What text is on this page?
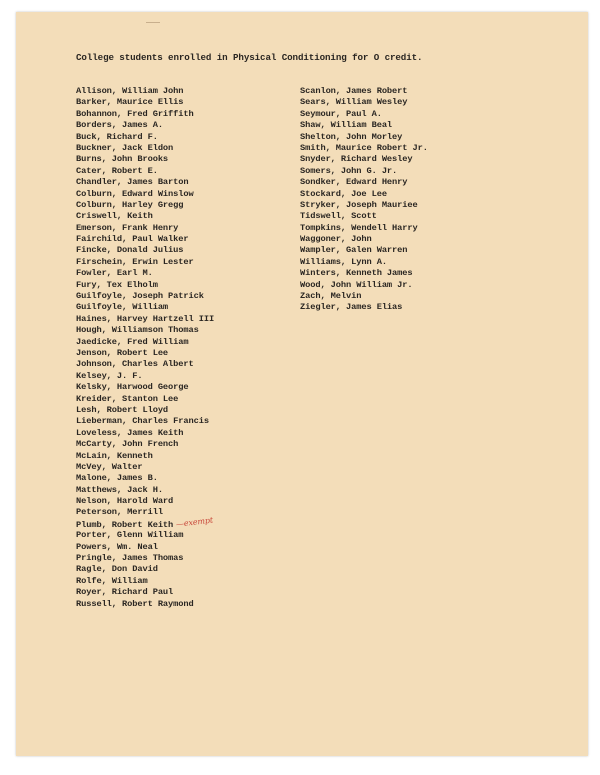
College students enrolled in Physical Conditioning for O credit.
Allison, William John
Barker, Maurice Ellis
Bohannon, Fred Griffith
Borders, James A.
Buck, Richard F.
Buckner, Jack Eldon
Burns, John Brooks
Cater, Robert E.
Chandler, James Barton
Colburn, Edward Winslow
Colburn, Harley Gregg
Criswell, Keith
Emerson, Frank Henry
Fairchild, Paul Walker
Fincke, Donald Julius
Firschein, Erwin Lester
Fowler, Earl M.
Fury, Tex Elholm
Guilfoyle, Joseph Patrick
Guilfoyle, William
Haines, Harvey Hartzell III
Hough, Williamson Thomas
Jaedicke, Fred William
Jenson, Robert Lee
Johnson, Charles Albert
Kelsey, J. F.
Kelsky, Harwood George
Kreider, Stanton Lee
Lesh, Robert Lloyd
Lieberman, Charles Francis
Loveless, James Keith
McCarty, John French
McLain, Kenneth
McVey, Walter
Malone, James B.
Matthews, Jack H.
Nelson, Harold Ward
Peterson, Merrill
Plumb, Robert Keith —exempt
Porter, Glenn William
Powers, Wm. Neal
Pringle, James Thomas
Ragle, Don David
Rolfe, William
Royer, Richard Paul
Russell, Robert Raymond
Scanlon, James Robert
Sears, William Wesley
Seymour, Paul A.
Shaw, William Beal
Shelton, John Morley
Smith, Maurice Robert Jr.
Snyder, Richard Wesley
Somers, John G. Jr.
Sondker, Edward Henry
Stockard, Joe Lee
Stryker, Joseph Mauriee
Tidswell, Scott
Tompkins, Wendell Harry
Waggoner, John
Wampler, Galen Warren
Williams, Lynn A.
Winters, Kenneth James
Wood, John William Jr.
Zach, Melvin
Ziegler, James Elias
